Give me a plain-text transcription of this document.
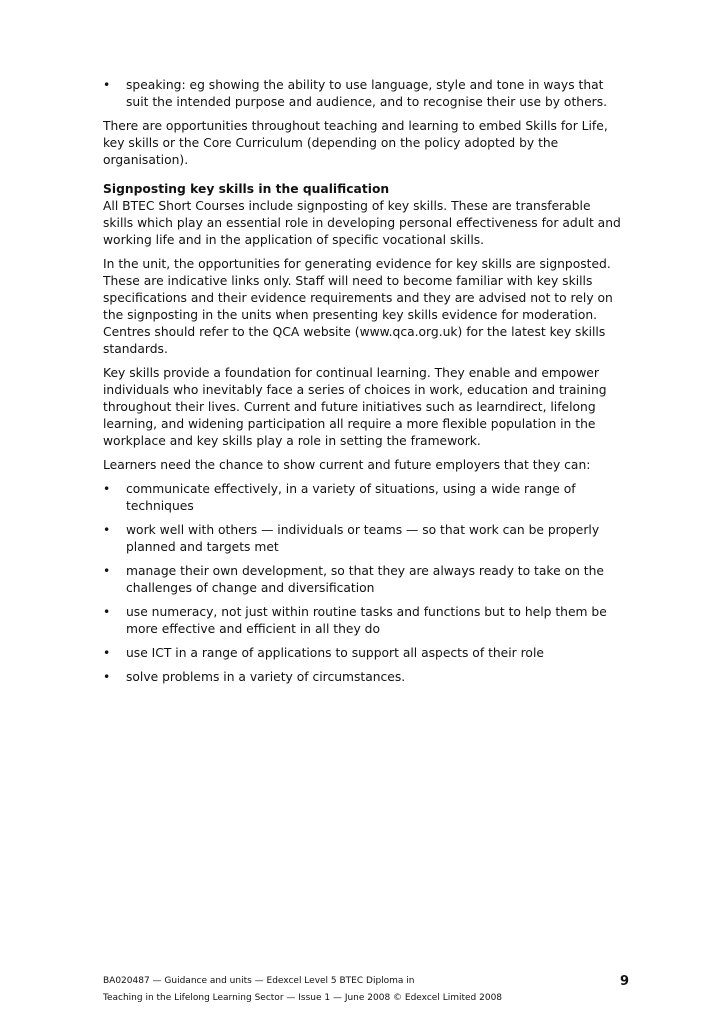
• speaking: eg showing the ability to use language, style and tone in ways that suit the intended purpose and audience, and to recognise their use by others.

There are opportunities throughout teaching and learning to embed Skills for Life, key skills or the Core Curriculum (depending on the policy adopted by the organisation).

Signposting key skills in the qualification

All BTEC Short Courses include signposting of key skills. These are transferable skills which play an essential role in developing personal effectiveness for adult and working life and in the application of specific vocational skills.

In the unit, the opportunities for generating evidence for key skills are signposted. These are indicative links only. Staff will need to become familiar with key skills specifications and their evidence requirements and they are advised not to rely on the signposting in the units when presenting key skills evidence for moderation. Centres should refer to the QCA website (www.qca.org.uk) for the latest key skills standards.

Key skills provide a foundation for continual learning. They enable and empower individuals who inevitably face a series of choices in work, education and training throughout their lives. Current and future initiatives such as learndirect, lifelong learning, and widening participation all require a more flexible population in the workplace and key skills play a role in setting the framework.

Learners need the chance to show current and future employers that they can:

• communicate effectively, in a variety of situations, using a wide range of techniques
• work well with others — individuals or teams — so that work can be properly planned and targets met
• manage their own development, so that they are always ready to take on the challenges of change and diversification
• use numeracy, not just within routine tasks and functions but to help them be more effective and efficient in all they do
• use ICT in a range of applications to support all aspects of their role
• solve problems in a variety of circumstances.
BA020487 — Guidance and units — Edexcel Level 5 BTEC Diploma in
Teaching in the Lifelong Learning Sector — Issue 1 — June 2008 © Edexcel Limited 2008
9
